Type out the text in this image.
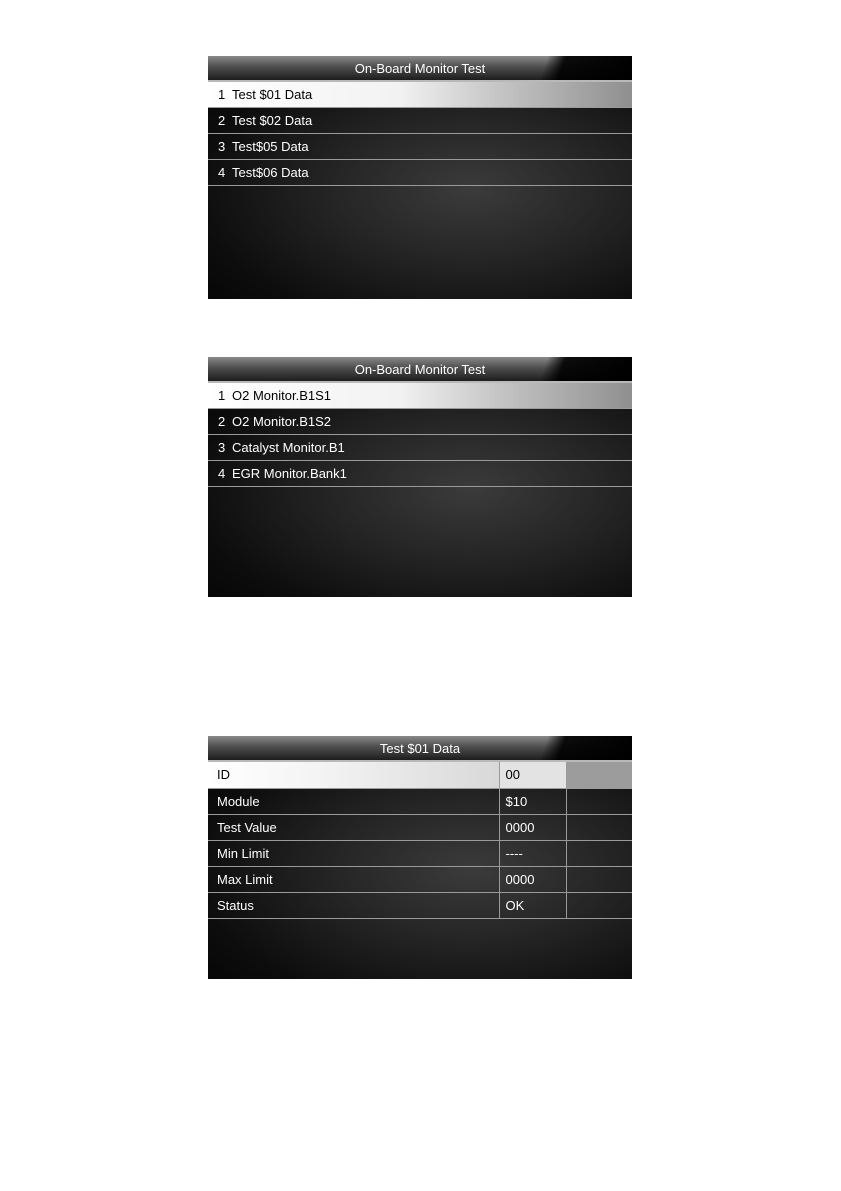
On-Board Monitor Test
1 Test $01 Data
2 Test $02 Data
3 Test$05 Data
4 Test$06 Data
On-Board Monitor Test
1 O2 Monitor.B1S1
2 O2 Monitor.B1S2
3 Catalyst Monitor.B1
4 EGR Monitor.Bank1
Test $01 Data
ID	00	
Module	$10	
Test Value	0000	
Min Limit	----	
Max Limit	0000	
Status	OK	
